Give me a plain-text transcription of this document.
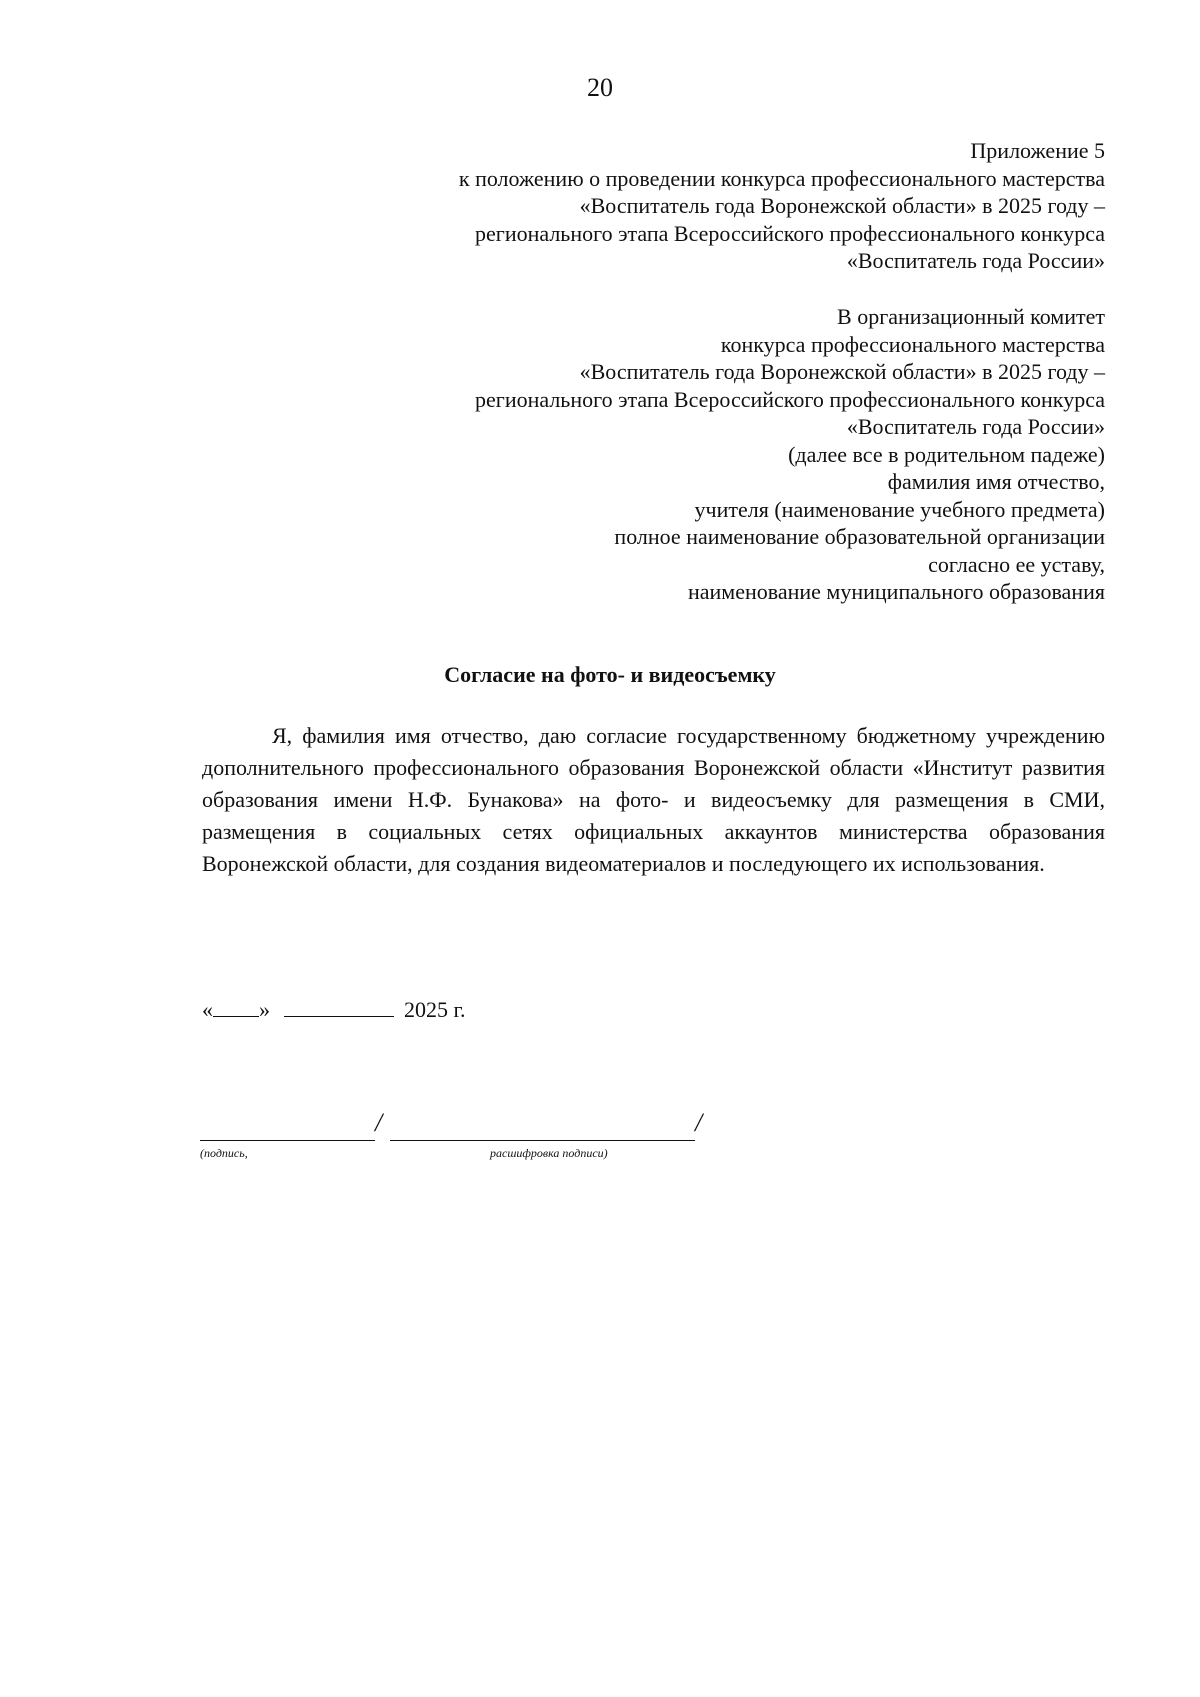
20
Приложение 5
к положению о проведении конкурса профессионального мастерства
«Воспитатель года Воронежской области» в 2025 году –
регионального этапа Всероссийского профессионального конкурса
«Воспитатель года России»
В организационный комитет
конкурса профессионального мастерства
«Воспитатель года Воронежской области» в 2025 году –
регионального этапа Всероссийского профессионального конкурса
«Воспитатель года России»
(далее все в родительном падеже)
фамилия имя отчество,
учителя (наименование учебного предмета)
полное наименование образовательной организации
согласно ее уставу,
наименование муниципального образования
Согласие на фото- и видеосъемку

Я, фамилия имя отчество, даю согласие государственному бюджетному учреждению дополнительного профессионального образования Воронежской области «Институт развития образования имени Н.Ф. Бунакова» на фото- и видеосъемку для размещения в СМИ, размещения в социальных сетях официальных аккаунтов министерства образования Воронежской области, для создания видеоматериалов и последующего их использования.

« »	2025 г.
/	/
(подпись,	расшифровка подписи)
